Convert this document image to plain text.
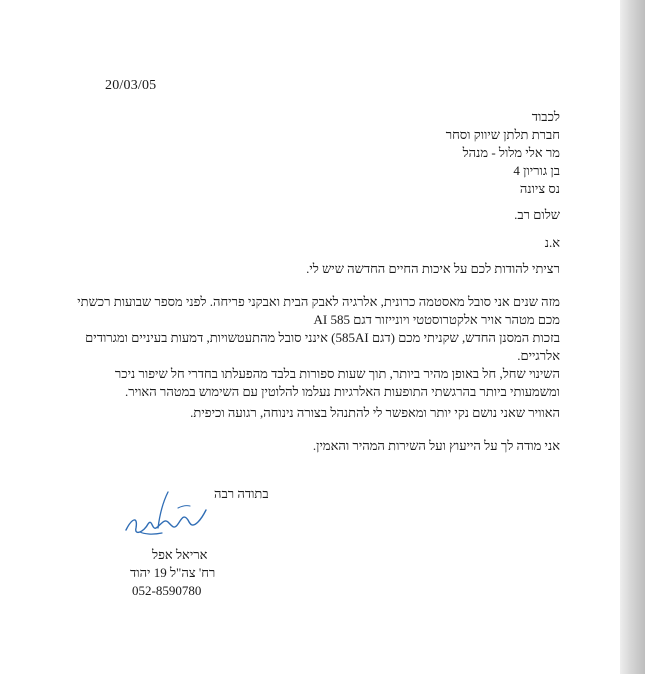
20/03/05
לכבוד
חברת תלתן שיווק וסחר
מר אלי מלול - מנהל
בן גוריון 4
נס ציונה
שלום רב.
א.נ
רציתי להודות לכם על איכות החיים החדשה שיש לי.
מזה שנים אני סובל מאסטמה כרונית, אלרגיה לאבק הבית ואבקני פריחה. לפני מספר שבועות רכשתי
מכם מטהר אויר אלקטרוסטטי ויונייזור דגם 585 AI
בזכות המסנן החדש, שקניתי מכם (דגם 585AI) אינני סובל מהתעטשויות, דמעות בעיניים ומגרודים
אלרגיים.
השינוי שחל, חל באופן מהיר ביותר, תוך שעות ספורות בלבד מהפעלתו בחדרי חל שיפור ניכר
ומשמעותי ביותר בהרגשתי התופעות האלרגיות נעלמו להלוטין עם השימוש במטהר האויר.
האוויר שאני נושם נקי יותר ומאפשר לי להתנהל בצורה נינוחה, רגועה וכיפית.
אני מודה לך על הייעוץ ועל השירות המהיר והאמין.
בתודה רבה
אריאל אפל
רח' צה"ל 19 יהוד
052-8590780
